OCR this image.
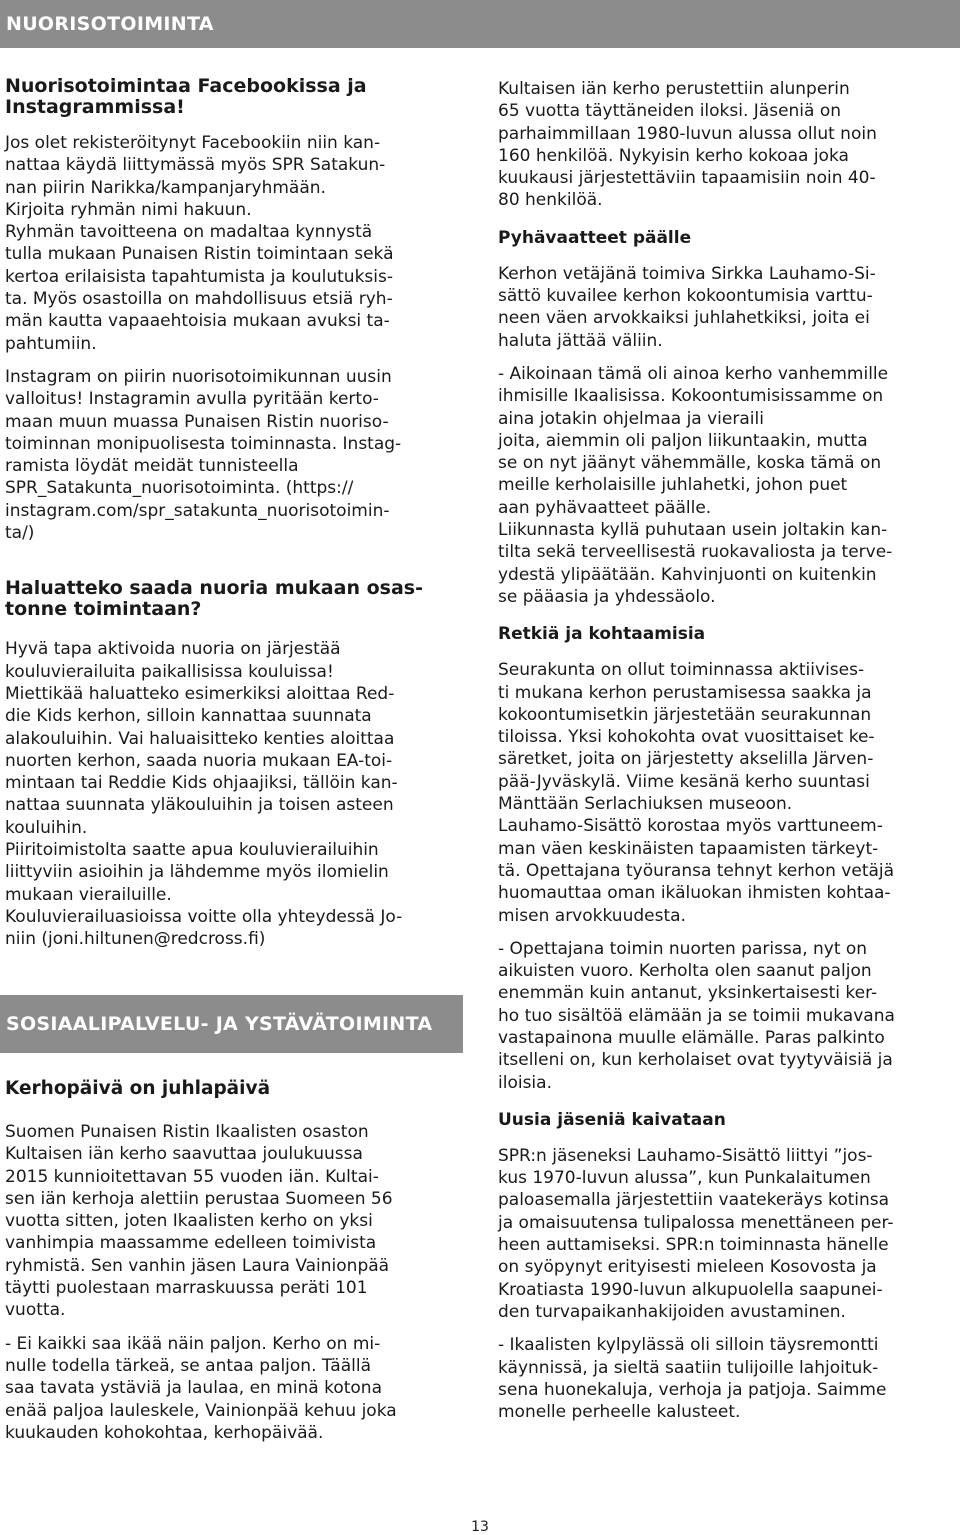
NUORISOTOIMINTA
Nuorisotoimintaa Facebookissa ja
Instagrammissa!
Jos olet rekisteröitynyt Facebookiin niin kan-
nattaa käydä liittymässä myös SPR Satakun-
nan piirin Narikka/kampanjaryhmään.
Kirjoita ryhmän nimi hakuun.
Ryhmän tavoitteena on madaltaa kynnystä
tulla mukaan Punaisen Ristin toimintaan sekä
kertoa erilaisista tapahtumista ja koulutuksis-
ta. Myös osastoilla on mahdollisuus etsiä ryh-
män kautta vapaaehtoisia mukaan avuksi ta-
pahtumiin.
Instagram on piirin nuorisotoimikunnan uusin
valloitus! Instagramin avulla pyritään kerto-
maan muun muassa Punaisen Ristin nuoriso-
toiminnan monipuolisesta toiminnasta. Instag-
ramista löydät meidät tunnisteella
SPR_Satakunta_nuorisotoiminta. (https://
instagram.com/spr_satakunta_nuorisotoimin-
ta/)
Haluatteko saada nuoria mukaan osas-
tonne toimintaan?
Hyvä tapa aktivoida nuoria on järjestää
kouluvierailuita paikallisissa kouluissa!
Miettikää haluatteko esimerkiksi aloittaa Red-
die Kids kerhon, silloin kannattaa suunnata
alakouluihin. Vai haluaisitteko kenties aloittaa
nuorten kerhon, saada nuoria mukaan EA-toi-
mintaan tai Reddie Kids ohjaajiksi, tällöin kan-
nattaa suunnata yläkouluihin ja toisen asteen
kouluihin.
Piiritoimistolta saatte apua kouluvierailuihin
liittyviin asioihin ja lähdemme myös ilomielin
mukaan vierailuille.
Kouluvierailuasioissa voitte olla yhteydessä Jo-
niin (joni.hiltunen@redcross.fi)
SOSIAALIPALVELU- JA YSTÄVÄTOIMINTA
Kerhopäivä on juhlapäivä
Suomen Punaisen Ristin Ikaalisten osaston
Kultaisen iän kerho saavuttaa joulukuussa
2015 kunnioitettavan 55 vuoden iän. Kultai-
sen iän kerhoja alettiin perustaa Suomeen 56
vuotta sitten, joten Ikaalisten kerho on yksi
vanhimpia maassamme edelleen toimivista
ryhmistä. Sen vanhin jäsen Laura Vainionpää
täytti puolestaan marraskuussa peräti 101
vuotta.
- Ei kaikki saa ikää näin paljon. Kerho on mi-
nulle todella tärkeä, se antaa paljon. Täällä
saa tavata ystäviä ja laulaa, en minä kotona
enää paljoa lauleskele, Vainionpää kehuu joka
kuukauden kohokohtaa, kerhopäivää.
Kultaisen iän kerho perustettiin alunperin
65 vuotta täyttäneiden iloksi. Jäseniä on
parhaimmillaan 1980-luvun alussa ollut noin
160 henkilöä. Nykyisin kerho kokoaa joka
kuukausi järjestettäviin tapaamisiin noin 40-
80 henkilöä.
Pyhävaatteet päälle
Kerhon vetäjänä toimiva Sirkka Lauhamo-Si-
sättö kuvailee kerhon kokoontumisia varttu-
neen väen arvokkaiksi juhlahetkiksi, joita ei
haluta jättää väliin.
- Aikoinaan tämä oli ainoa kerho vanhemmille
ihmisille Ikaalisissa. Kokoontumisissamme on
aina jotakin ohjelmaa ja vieraili
joita, aiemmin oli paljon liikuntaakin, mutta
se on nyt jäänyt vähemmälle, koska tämä on
meille kerholaisille juhlahetki, johon puet
aan pyhävaatteet päälle.
Liikunnasta kyllä puhutaan usein joltakin kan-
tilta sekä terveellisestä ruokavaliosta ja terve-
ydestä ylipäätään. Kahvinjuonti on kuitenkin
se pääasia ja yhdessäolo.
Retkiä ja kohtaamisia
Seurakunta on ollut toiminnassa aktiivises-
ti mukana kerhon perustamisessa saakka ja
kokoontumisetkin järjestetään seurakunnan
tiloissa. Yksi kohokohta ovat vuosittaiset ke-
säretket, joita on järjestetty akselilla Järven-
pää-Jyväskylä. Viime kesänä kerho suuntasi
Mänttään Serlachiuksen museoon.
Lauhamo-Sisättö korostaa myös varttuneem-
man väen keskinäisten tapaamisten tärkeyt-
tä. Opettajana työuransa tehnyt kerhon vetäjä
huomauttaa oman ikäluokan ihmisten kohtaa-
misen arvokkuudesta.
- Opettajana toimin nuorten parissa, nyt on
aikuisten vuoro. Kerholta olen saanut paljon
enemmän kuin antanut, yksinkertaisesti ker-
ho tuo sisältöä elämään ja se toimii mukavana
vastapainona muulle elämälle. Paras palkinto
itselleni on, kun kerholaiset ovat tyytyväisiä ja
iloisia.
Uusia jäseniä kaivataan
SPR:n jäseneksi Lauhamo-Sisättö liittyi ”jos-
kus 1970-luvun alussa”, kun Punkalaitumen
paloasemalla järjestettiin vaatekeräys kotinsa
ja omaisuutensa tulipalossa menettäneen per-
heen auttamiseksi. SPR:n toiminnasta hänelle
on syöpynyt erityisesti mieleen Kosovosta ja
Kroatiasta 1990-luvun alkupuolella saapunei-
den turvapaikanhakijoiden avustaminen.
- Ikaalisten kylpylässä oli silloin täysremontti
käynnissä, ja sieltä saatiin tulijoille lahjoituk-
sena huonekaluja, verhoja ja patjoja. Saimme
monelle perheelle kalusteet.
13
